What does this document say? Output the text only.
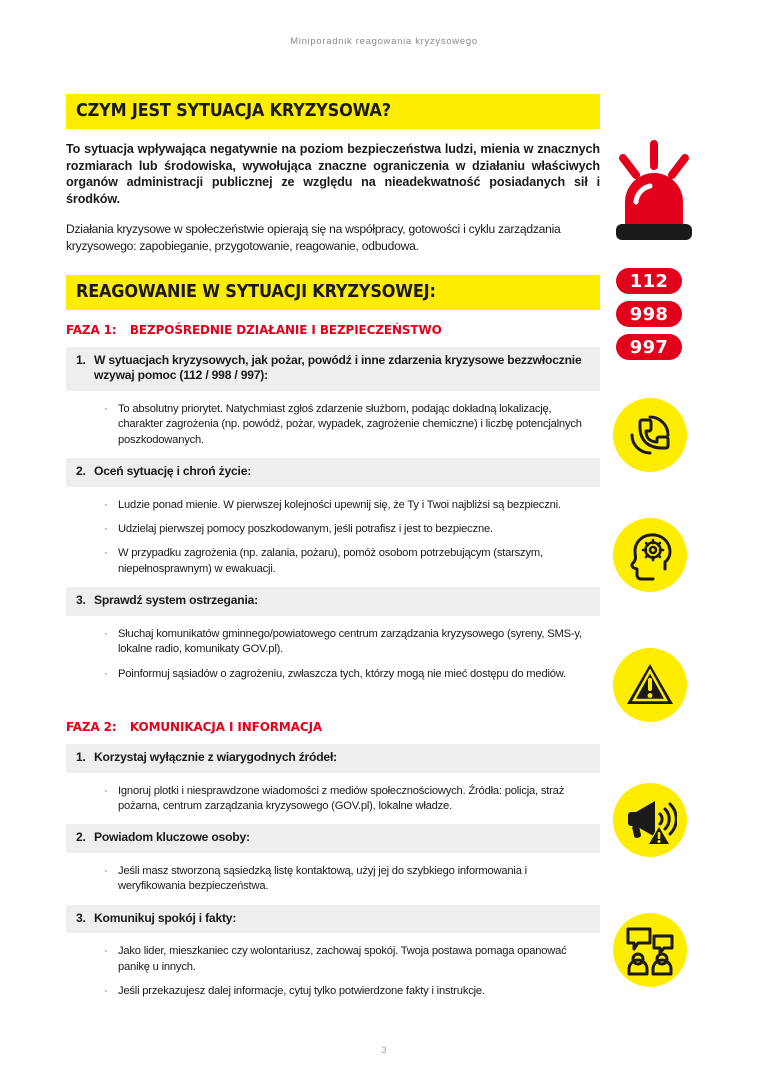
Miniporadnik reagowania kryzysowego
CZYM JEST SYTUACJA KRYZYSOWA?

To sytuacja wpływająca negatywnie na poziom bezpieczeństwa ludzi, mienia w znacznych rozmiarach lub środowiska, wywołująca znaczne ograniczenia w działaniu właściwych organów administracji publicznej ze względu na nieadekwatność posiadanych sił i środków.

Działania kryzysowe w społeczeństwie opierają się na współpracy, gotowości i cyklu zarządzania kryzysowego: zapobieganie, przygotowanie, reagowanie, odbudowa.

REAGOWANIE W SYTUACJI KRYZYSOWEJ:
FAZA 1: BEZPOŚREDNIE DZIAŁANIE I BEZPIECZEŃSTWO
1. W sytuacjach kryzysowych, jak pożar, powódź i inne zdarzenia kryzysowe bezzwłocznie wzywaj pomoc (112 / 998 / 997):
· To absolutny priorytet. Natychmiast zgłoś zdarzenie służbom, podając dokładną lokalizację, charakter zagrożenia (np. powódź, pożar, wypadek, zagrożenie chemiczne) i liczbę potencjalnych poszkodowanych.
2. Oceń sytuację i chroń życie:
· Ludzie ponad mienie. W pierwszej kolejności upewnij się, że Ty i Twoi najbliżsi są bezpieczni.
· Udzielaj pierwszej pomocy poszkodowanym, jeśli potrafisz i jest to bezpieczne.
· W przypadku zagrożenia (np. zalania, pożaru), pomóż osobom potrzebującym (starszym, niepełnosprawnym) w ewakuacji.
3. Sprawdź system ostrzegania:
· Słuchaj komunikatów gminnego/powiatowego centrum zarządzania kryzysowego (syreny, SMS-y, lokalne radio, komunikaty GOV.pl).
· Poinformuj sąsiadów o zagrożeniu, zwłaszcza tych, którzy mogą nie mieć dostępu do mediów.
FAZA 2: KOMUNIKACJA I INFORMACJA
1. Korzystaj wyłącznie z wiarygodnych źródeł:
· Ignoruj plotki i niesprawdzone wiadomości z mediów społecznościowych. Źródła: policja, straż pożarna, centrum zarządzania kryzysowego (GOV.pl), lokalne władze.
2. Powiadom kluczowe osoby:
· Jeśli masz stworzoną sąsiedzką listę kontaktową, użyj jej do szybkiego informowania i weryfikowania bezpieczeństwa.
3. Komunikuj spokój i fakty:
· Jako lider, mieszkaniec czy wolontariusz, zachowaj spokój. Twoja postawa pomaga opanować panikę u innych.
· Jeśli przekazujesz dalej informacje, cytuj tylko potwierdzone fakty i instrukcje.
112
998
997
3
